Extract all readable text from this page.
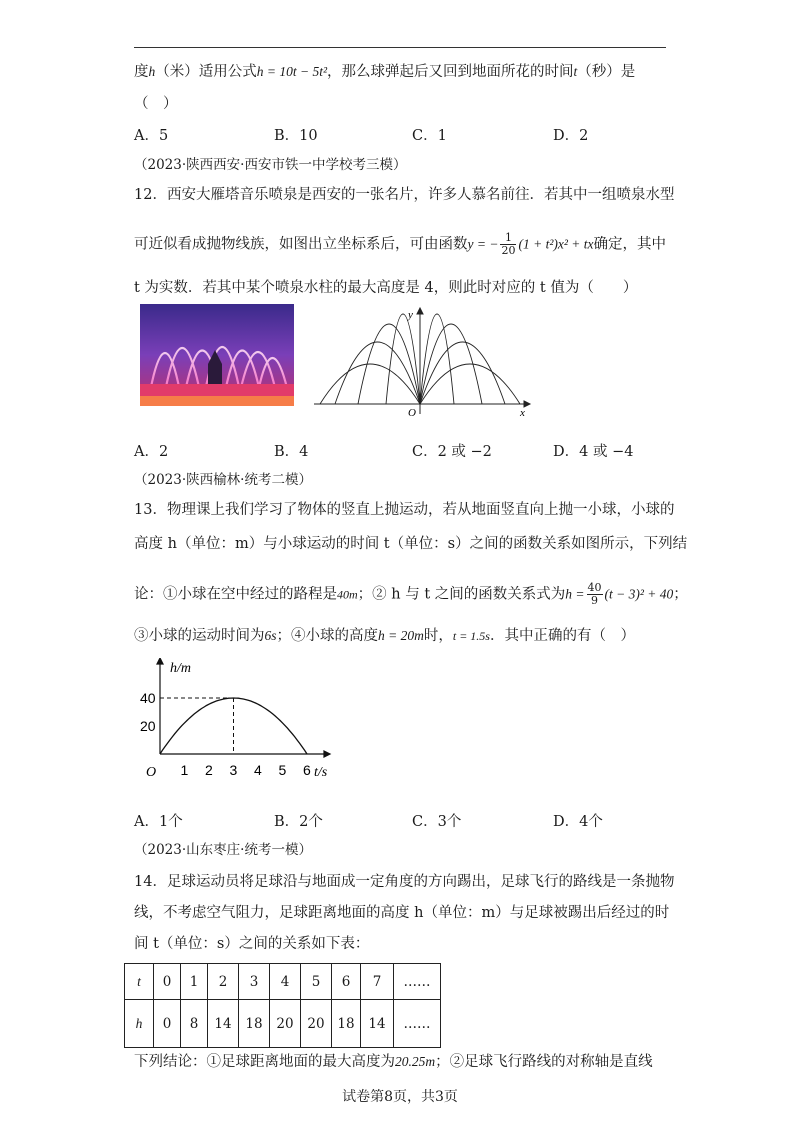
度h（米）适用公式h = 10t − 5t²，那么球弹起后又回到地面所花的时间t（秒）是
（　）
A．5	B．10	C．1	D．2
（2023·陕西西安·西安市铁一中学校考三模）
12．西安大雁塔音乐喷泉是西安的一张名片，许多人慕名前往．若其中一组喷泉水型
可近似看成抛物线族，如图出立坐标系后，可由函数y = − $\frac{1}{20} (1 + t^2)x^2$ + tx确定，其中
t 为实数．若其中某个喷泉水柱的最大高度是 4，则此时对应的 t 值为（　　）
y
x
O
A．2	B．4	C．2 或 −2	D．4 或 −4
（2023·陕西榆林·统考二模）
13．物理课上我们学习了物体的竖直上抛运动，若从地面竖直向上抛一小球，小球的
高度 h（单位：m）与小球运动的时间 t（单位：s）之间的函数关系如图所示，下列结
论：①小球在空中经过的路程是40m；② h 与 t 之间的函数关系式为$h = \frac{40}{9} (t - 3)^2 + 40$；
③小球的运动时间为6s；④小球的高度h = 20m时，t = 1.5s．其中正确的有（　）
1 2 3 4 5 6
20
40
h/m
t/s
O
A．1个	B．2个	C．3个	D．4个
（2023·山东枣庄·统考一模）
14．足球运动员将足球沿与地面成一定角度的方向踢出，足球飞行的路线是一条抛物
线，不考虑空气阻力，足球距离地面的高度 h（单位：m）与足球被踢出后经过的时
间 t（单位：s）之间的关系如下表：
t	0	1	2	3	4	5	6	7	……
h	0	8	14	18	20	20	18	14	……
下列结论：①足球距离地面的最大高度为20.25m；②足球飞行路线的对称轴是直线
试卷第8页，共3页
